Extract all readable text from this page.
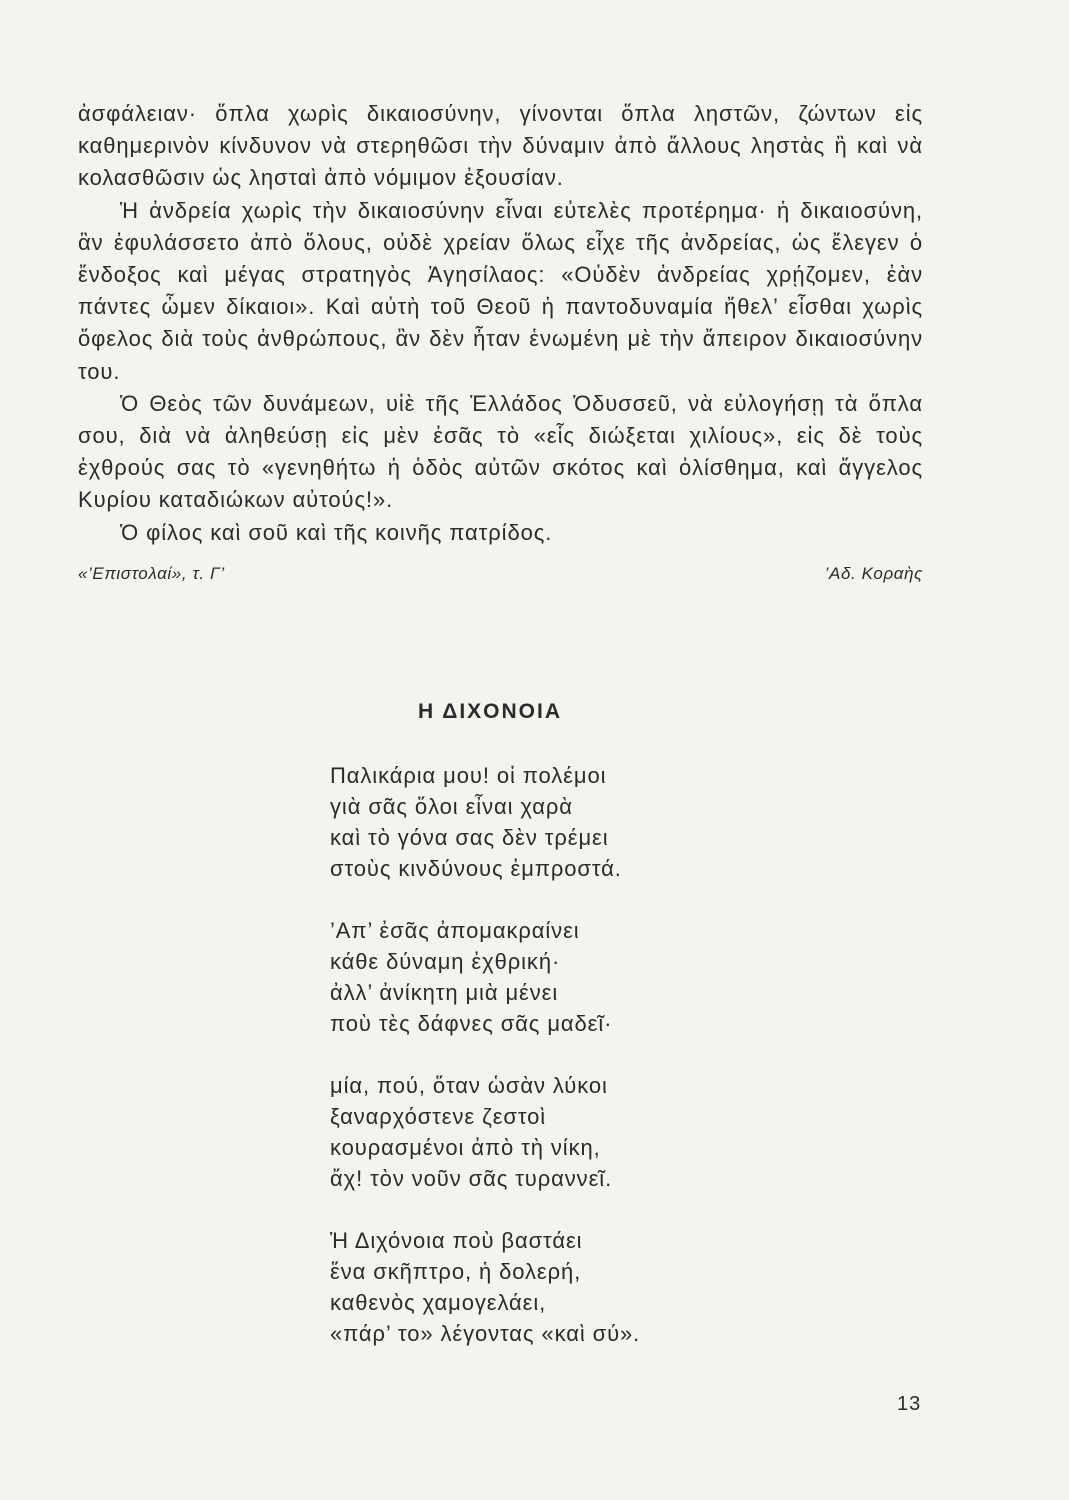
ἀσφάλειαν· ὅπλα χωρὶς δικαιοσύνην, γίνονται ὅπλα ληστῶν, ζώντων εἰς καθημερινὸν κίνδυνον νὰ στερηθῶσι τὴν δύναμιν ἀπὸ ἄλλους ληστὰς ἢ καὶ νὰ κολασθῶσιν ὡς λησταὶ ἀπὸ νόμιμον ἐξουσίαν.

Ἡ ἀνδρεία χωρὶς τὴν δικαιοσύνην εἶναι εὐτελὲς προτέρημα· ἡ δικαιοσύνη, ἂν ἐφυλάσσετο ἀπὸ ὅλους, οὐδὲ χρείαν ὅλως εἶχε τῆς ἀνδρείας, ὡς ἔλεγεν ὁ ἔνδοξος καὶ μέγας στρατηγὸς Ἀγησίλαος: «Οὐδὲν ἀνδρείας χρῄζομεν, ἐὰν πάντες ὦμεν δίκαιοι». Καὶ αὐτὴ τοῦ Θεοῦ ἡ παντοδυναμία ἤθελ’ εἶσθαι χωρὶς ὄφελος διὰ τοὺς ἀνθρώπους, ἂν δὲν ἦταν ἑνωμένη μὲ τὴν ἄπειρον δικαιοσύνην του.

Ὁ Θεὸς τῶν δυνάμεων, υἱὲ τῆς Ἑλλάδος Ὀδυσσεῦ, νὰ εὐλογήσῃ τὰ ὅπλα σου, διὰ νὰ ἀληθεύσῃ εἰς μὲν ἐσᾶς τὸ «εἷς διώξεται χιλίους», εἰς δὲ τοὺς ἐχθρούς σας τὸ «γενηθήτω ἡ ὁδὸς αὐτῶν σκότος καὶ ὀλίσθημα, καὶ ἄγγελος Κυρίου καταδιώκων αὐτούς!».

Ὁ φίλος καὶ σοῦ καὶ τῆς κοινῆς πατρίδος.

«’Επιστολαί», τ. Γ’	’Αδ. Κοραὴς
Η ΔΙΧΟΝΟΙΑ
Παλικάρια μου! οἱ πολέμοι
γιὰ σᾶς ὅλοι εἶναι χαρὰ
καὶ τὸ γόνα σας δὲν τρέμει
στοὺς κινδύνους ἐμπροστά.
’Απ’ ἐσᾶς ἀπομακραίνει
κάθε δύναμη ἐχθρική·
ἀλλ’ ἀνίκητη μιὰ μένει
ποὺ τὲς δάφνες σᾶς μαδεῖ·
μία, πού, ὅταν ὡσὰν λύκοι
ξαναρχόστενε ζεστοὶ
κουρασμένοι ἀπὸ τὴ νίκη,
ἄχ! τὸν νοῦν σᾶς τυραννεῖ.
Ἡ Διχόνοια ποὺ βαστάει
ἕνα σκῆπτρο, ἡ δολερή,
καθενὸς χαμογελάει,
«πάρ’ το» λέγοντας «καὶ σύ».
13
